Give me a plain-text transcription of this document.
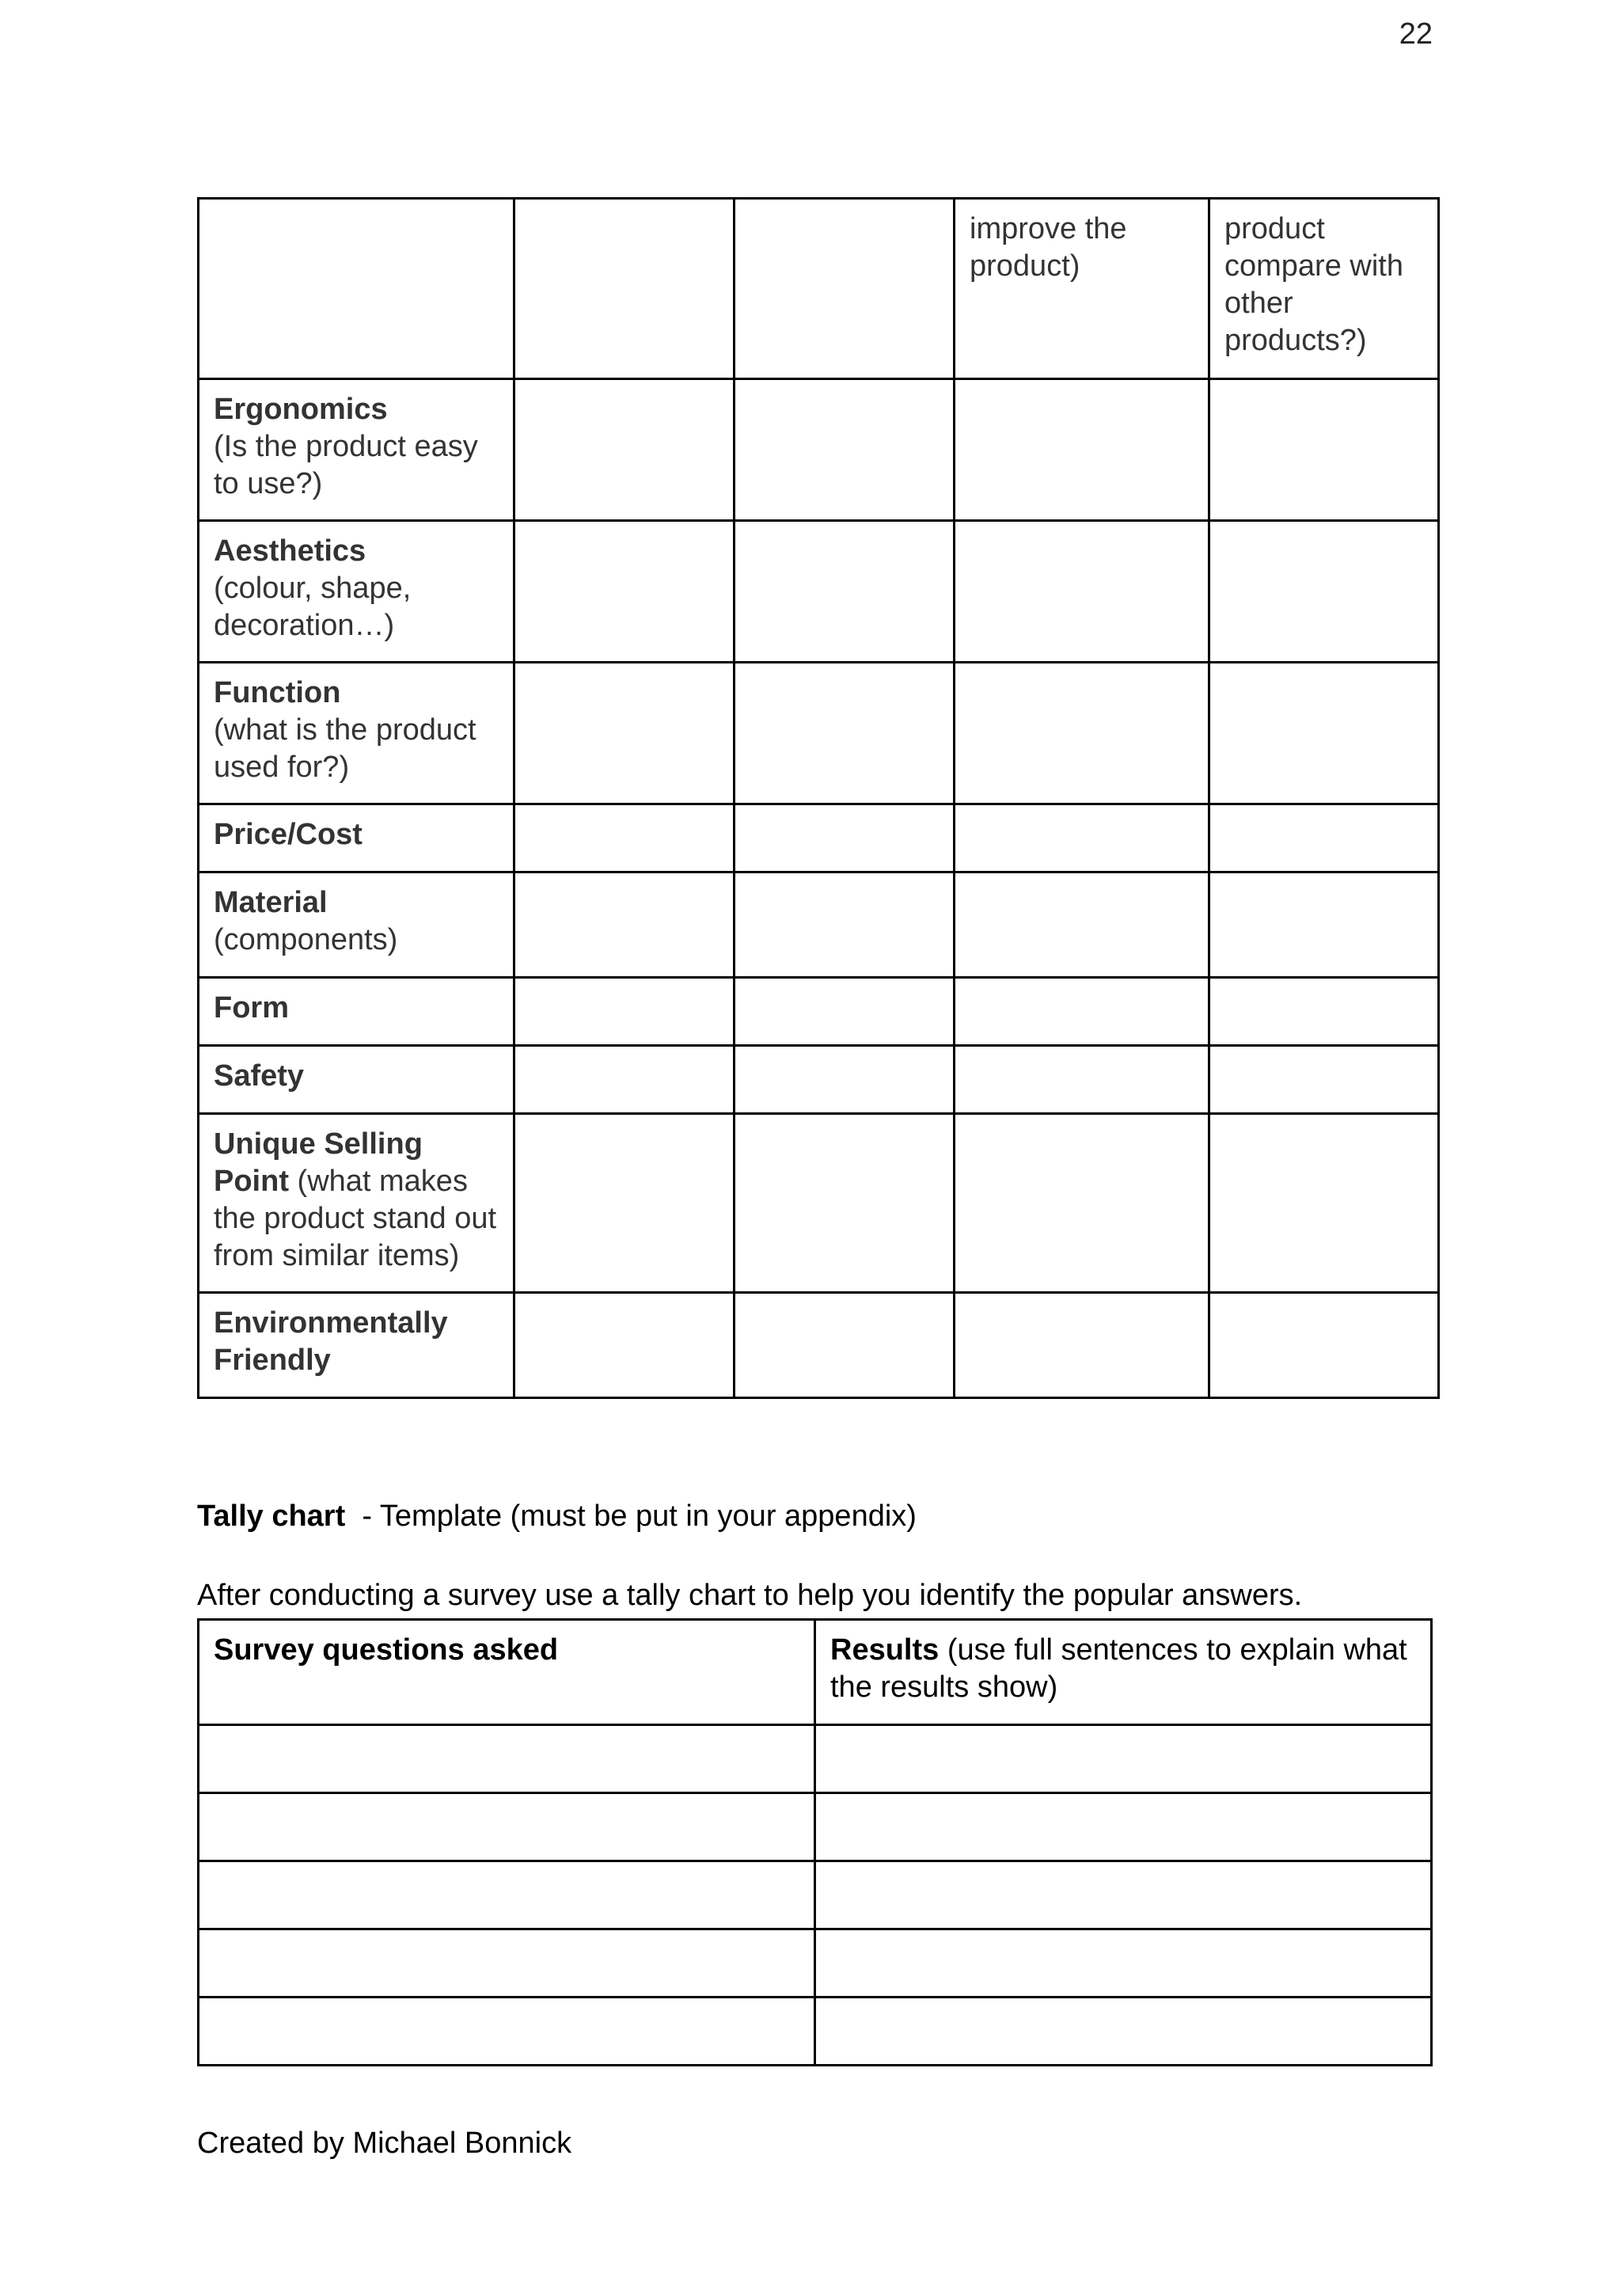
22
			improve the product)	product compare with other products?)

Ergonomics
(Is the product easy to use?)				

Aesthetics
(colour, shape, decoration…)				

Function
(what is the product used for?)				

Price/Cost				

Material
(components)				

Form				

Safety				

Unique Selling Point (what makes the product stand out from similar items)				

Environmentally Friendly				

Tally chart  - Template (must be put in your appendix)
After conducting a survey use a tally chart to help you identify the popular answers.
Survey questions asked	Results (use full sentences to explain what the results show)

Created by Michael Bonnick
